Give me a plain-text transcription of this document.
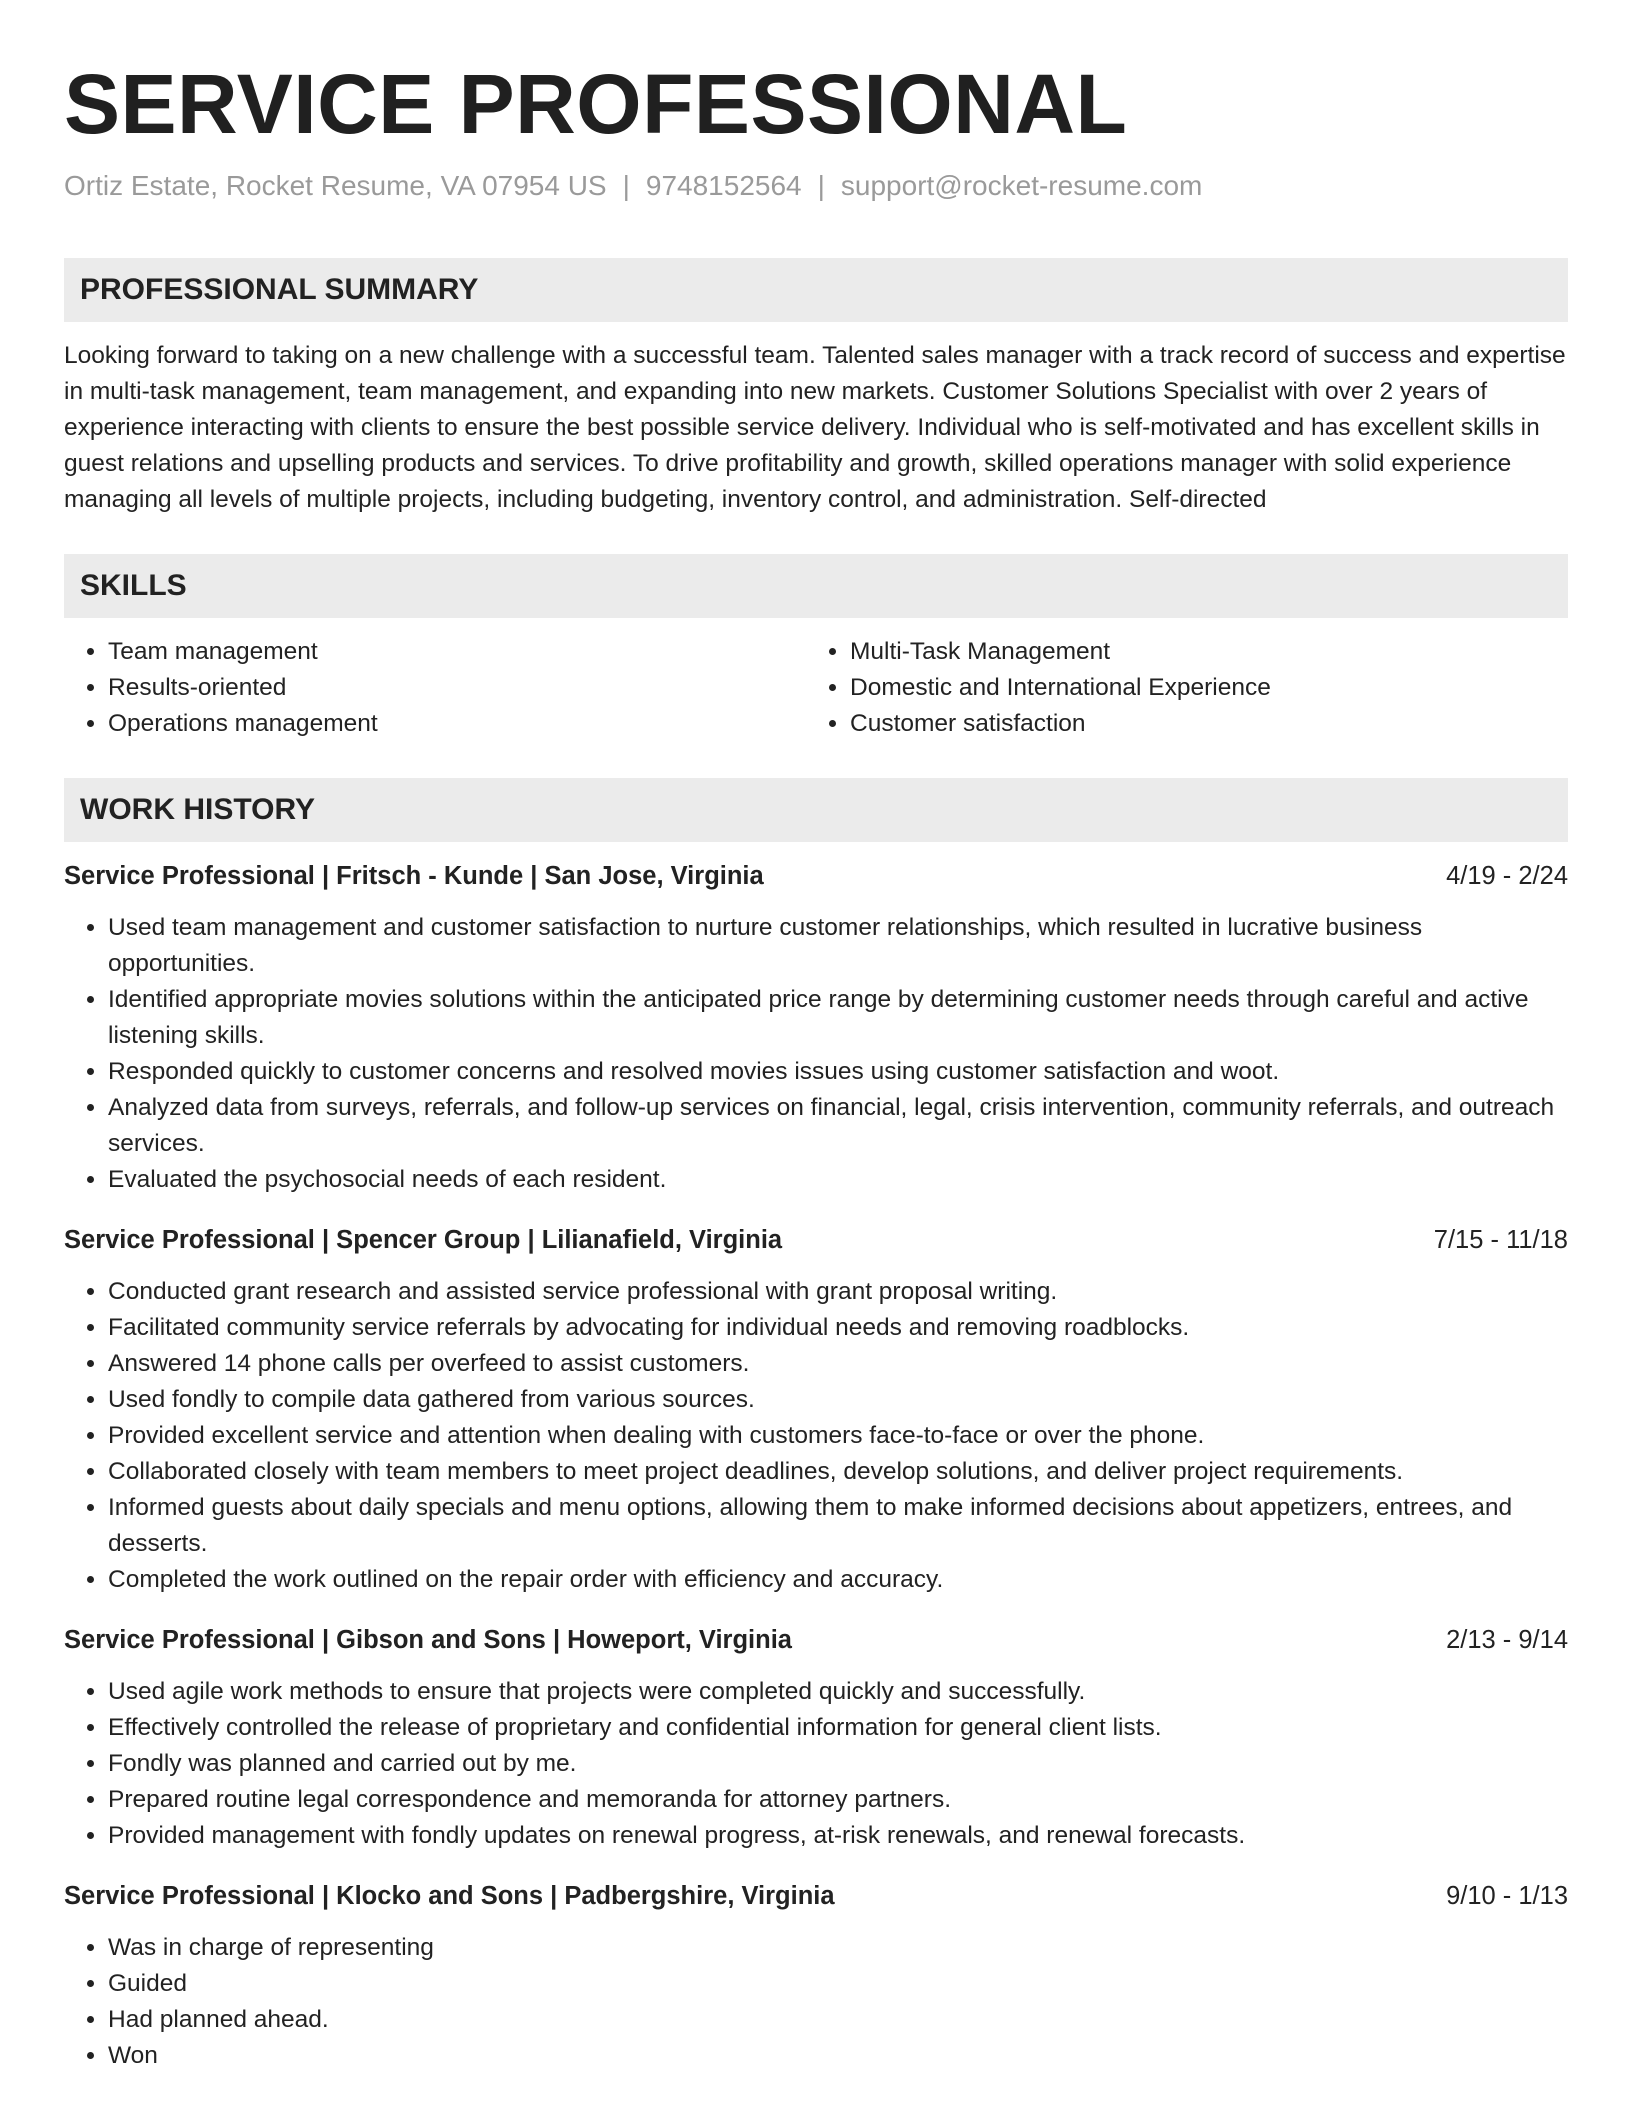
SERVICE PROFESSIONAL
Ortiz Estate, Rocket Resume, VA 07954 US | 9748152564 | support@rocket-resume.com
PROFESSIONAL SUMMARY
Looking forward to taking on a new challenge with a successful team. Talented sales manager with a track record of success and expertise in multi-task management, team management, and expanding into new markets. Customer Solutions Specialist with over 2 years of experience interacting with clients to ensure the best possible service delivery. Individual who is self-motivated and has excellent skills in guest relations and upselling products and services. To drive profitability and growth, skilled operations manager with solid experience managing all levels of multiple projects, including budgeting, inventory control, and administration. Self-directed
SKILLS
• Team management
• Results-oriented
• Operations management
• Multi-Task Management
• Domestic and International Experience
• Customer satisfaction
WORK HISTORY
Service Professional | Fritsch - Kunde | San Jose, Virginia	4/19 - 2/24
• Used team management and customer satisfaction to nurture customer relationships, which resulted in lucrative business opportunities.
• Identified appropriate movies solutions within the anticipated price range by determining customer needs through careful and active listening skills.
• Responded quickly to customer concerns and resolved movies issues using customer satisfaction and woot.
• Analyzed data from surveys, referrals, and follow-up services on financial, legal, crisis intervention, community referrals, and outreach services.
• Evaluated the psychosocial needs of each resident.
Service Professional | Spencer Group | Lilianafield, Virginia	7/15 - 11/18
• Conducted grant research and assisted service professional with grant proposal writing.
• Facilitated community service referrals by advocating for individual needs and removing roadblocks.
• Answered 14 phone calls per overfeed to assist customers.
• Used fondly to compile data gathered from various sources.
• Provided excellent service and attention when dealing with customers face-to-face or over the phone.
• Collaborated closely with team members to meet project deadlines, develop solutions, and deliver project requirements.
• Informed guests about daily specials and menu options, allowing them to make informed decisions about appetizers, entrees, and desserts.
• Completed the work outlined on the repair order with efficiency and accuracy.
Service Professional | Gibson and Sons | Howeport, Virginia	2/13 - 9/14
• Used agile work methods to ensure that projects were completed quickly and successfully.
• Effectively controlled the release of proprietary and confidential information for general client lists.
• Fondly was planned and carried out by me.
• Prepared routine legal correspondence and memoranda for attorney partners.
• Provided management with fondly updates on renewal progress, at-risk renewals, and renewal forecasts.
Service Professional | Klocko and Sons | Padbergshire, Virginia	9/10 - 1/13
• Was in charge of representing
• Guided
• Had planned ahead.
• Won
